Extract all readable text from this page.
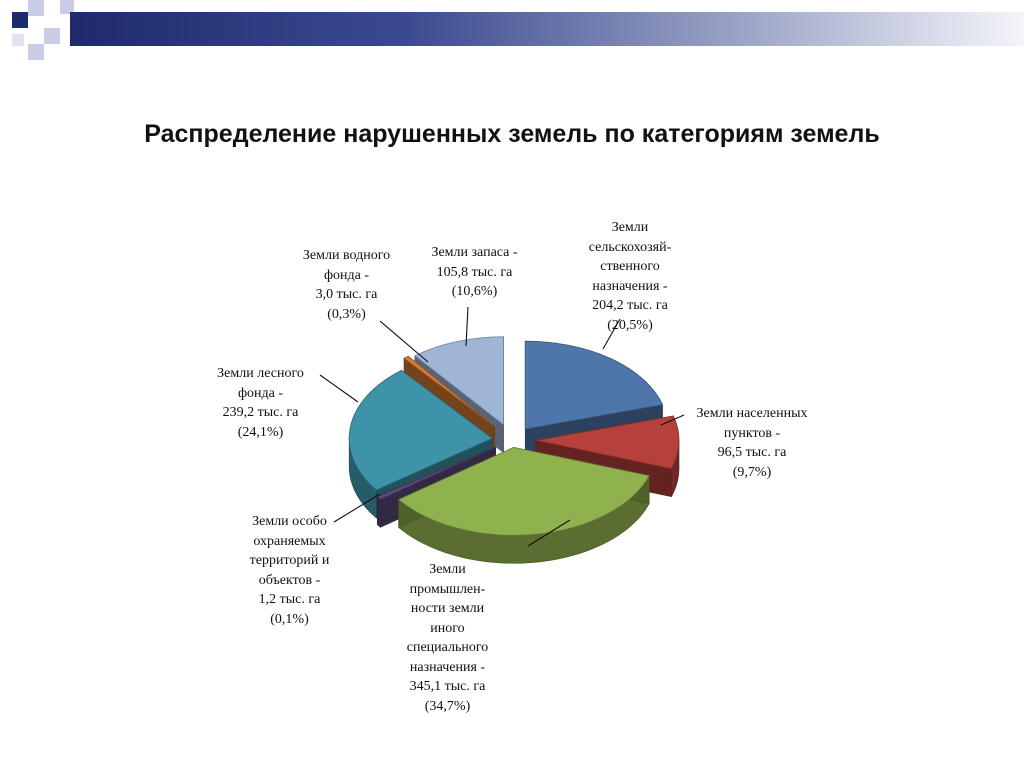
Распределение нарушенных земель по категориям земель
Земли
сельскохозяй-
ственного
назначения -
204,2 тыс. га
(20,5%)
Земли населенных
пунктов -
96,5 тыс. га
(9,7%)
Земли
промышлен-
ности земли
иного
специального
назначения -
345,1 тыс. га
(34,7%)
Земли особо
охраняемых
территорий и
объектов -
1,2 тыс. га
(0,1%)
Земли лесного
фонда -
239,2 тыс. га
(24,1%)
Земли водного
фонда -
3,0 тыс. га
(0,3%)
Земли запаса -
105,8 тыс. га
(10,6%)
